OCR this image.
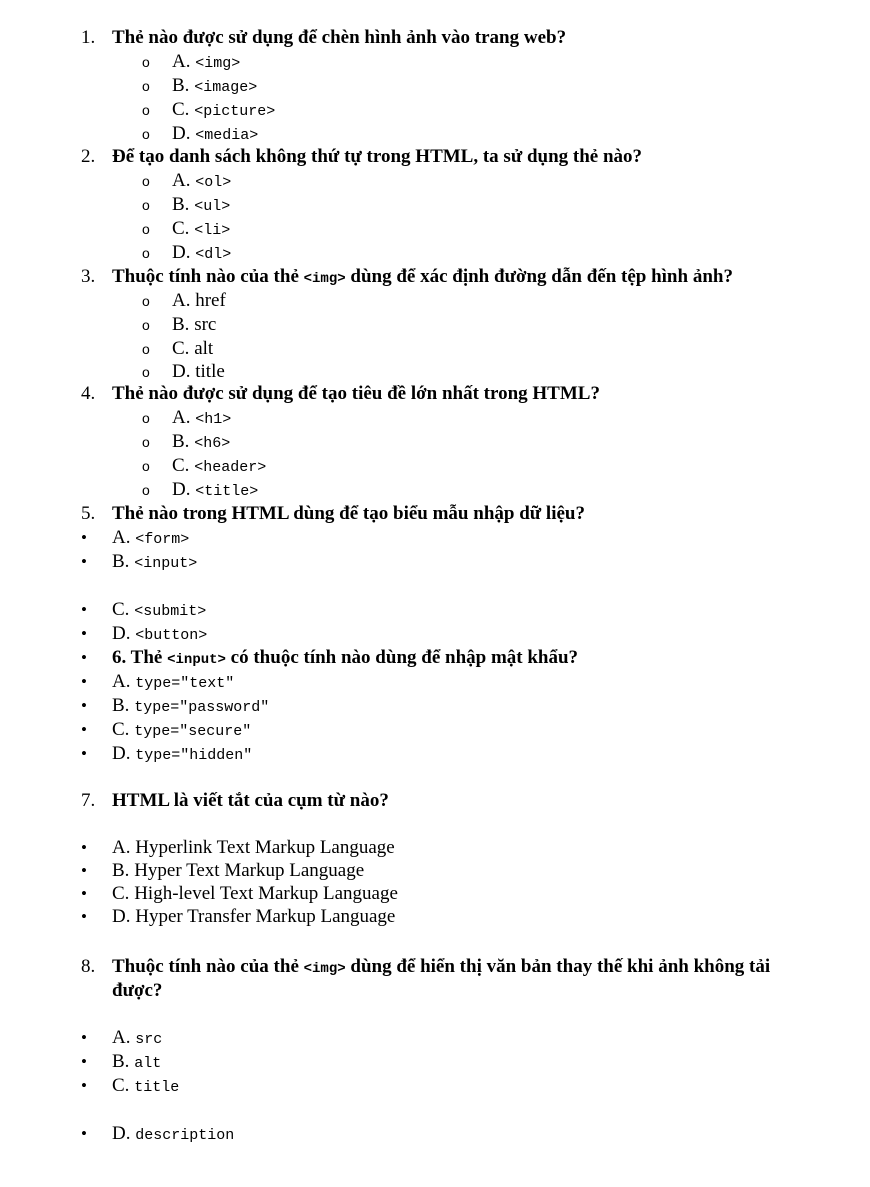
1. Thẻ nào được sử dụng để chèn hình ảnh vào trang web?
o A. <img>
o B. <image>
o C. <picture>
o D. <media>
2. Để tạo danh sách không thứ tự trong HTML, ta sử dụng thẻ nào?
o A. <ol>
o B. <ul>
o C. <li>
o D. <dl>
3. Thuộc tính nào của thẻ <img> dùng để xác định đường dẫn đến tệp hình ảnh?
o A. href
o B. src
o C. alt
o D. title
4. Thẻ nào được sử dụng để tạo tiêu đề lớn nhất trong HTML?
o A. <h1>
o B. <h6>
o C. <header>
o D. <title>
5. Thẻ nào trong HTML dùng để tạo biểu mẫu nhập dữ liệu?
• A. <form>
• B. <input>
• C. <submit>
• D. <button>
• 6. Thẻ <input> có thuộc tính nào dùng để nhập mật khẩu?
• A. type="text"
• B. type="password"
• C. type="secure"
• D. type="hidden"
7. HTML là viết tắt của cụm từ nào?
• A. Hyperlink Text Markup Language
• B. Hyper Text Markup Language
• C. High-level Text Markup Language
• D. Hyper Transfer Markup Language
8. Thuộc tính nào của thẻ <img> dùng để hiển thị văn bản thay thế khi ảnh không tải
được?
• A. src
• B. alt
• C. title
• D. description
